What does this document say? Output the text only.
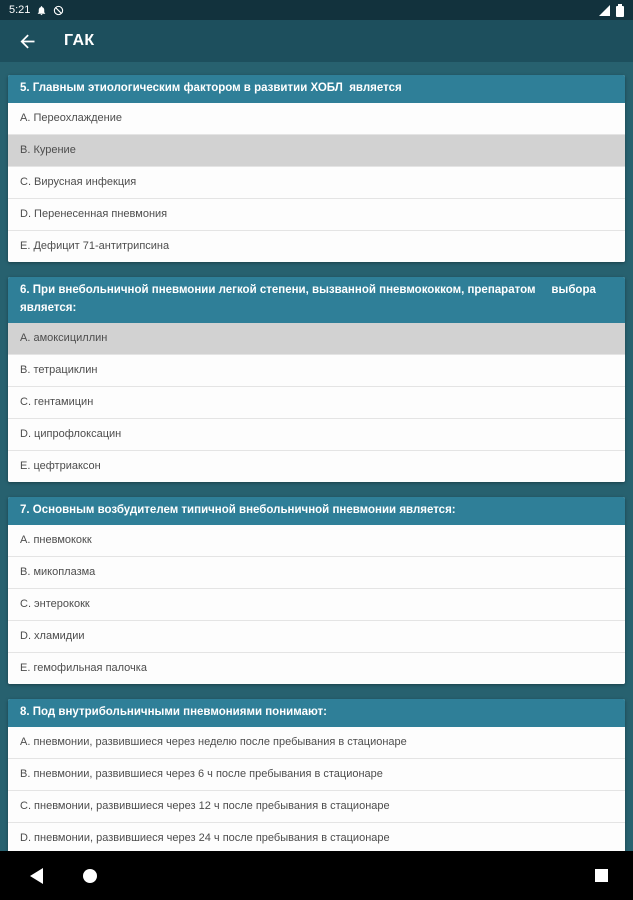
5:21
ГАК
5. Главным этиологическим фактором в развитии ХОБЛ  является
A. Переохлаждение
B. Курение
C. Вирусная инфекция
D. Перенесенная пневмония
E. Дефицит 71-антитрипсина
6. При внебольничной пневмонии легкой степени, вызванной пневмококком, препаратом     выбора является:
A. амоксициллин
B. тетрациклин
C. гентамицин
D. ципрофлоксацин
E. цефтриаксон
7. Основным возбудителем типичной внебольничной пневмонии является:
A. пневмококк
B. микоплазма
C. энтерококк
D. хламидии
E. гемофильная палочка
8. Под внутрибольничными пневмониями понимают:
A. пневмонии, развившиеся через неделю после пребывания в стационаре
B. пневмонии, развившиеся через 6 ч после пребывания в стационаре
C. пневмонии, развившиеся через 12 ч после пребывания в стационаре
D. пневмонии, развившиеся через 24 ч после пребывания в стационаре
